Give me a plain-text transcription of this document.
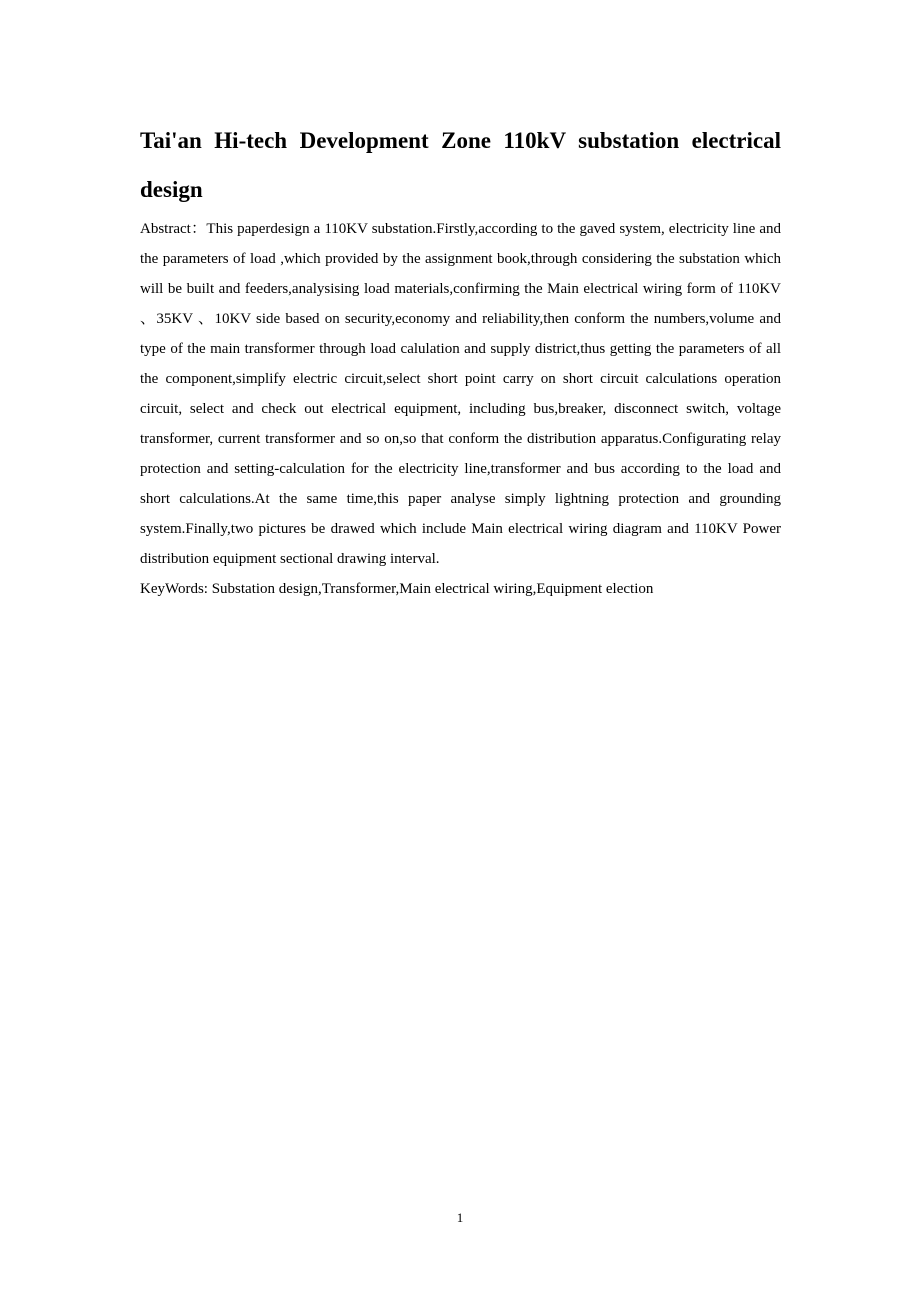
Tai'an Hi-tech Development Zone 110kV substation electrical design

Abstract：This paperdesign a 110KV substation.Firstly,according to the gaved system, electricity line and the parameters of load ,which provided by the assignment book,through considering the substation which will be built and feeders,analysising load materials,confirming the Main electrical wiring form of 110KV 、35KV 、10KV side based on security,economy and reliability,then conform the numbers,volume and type of the main transformer through load calulation and supply district,thus getting the parameters of all the component,simplify electric circuit,select short point carry on short circuit calculations operation circuit, select and check out electrical equipment, including bus,breaker, disconnect switch, voltage transformer, current transformer and so on,so that conform the distribution apparatus.Configurating relay protection and setting-calculation for the electricity line,transformer and bus according to the load and short calculations.At the same time,this paper analyse simply lightning protection and grounding system.Finally,two pictures be drawed which include Main electrical wiring diagram and 110KV Power distribution equipment sectional drawing interval.

KeyWords: Substation design,Transformer,Main electrical wiring,Equipment election

1
